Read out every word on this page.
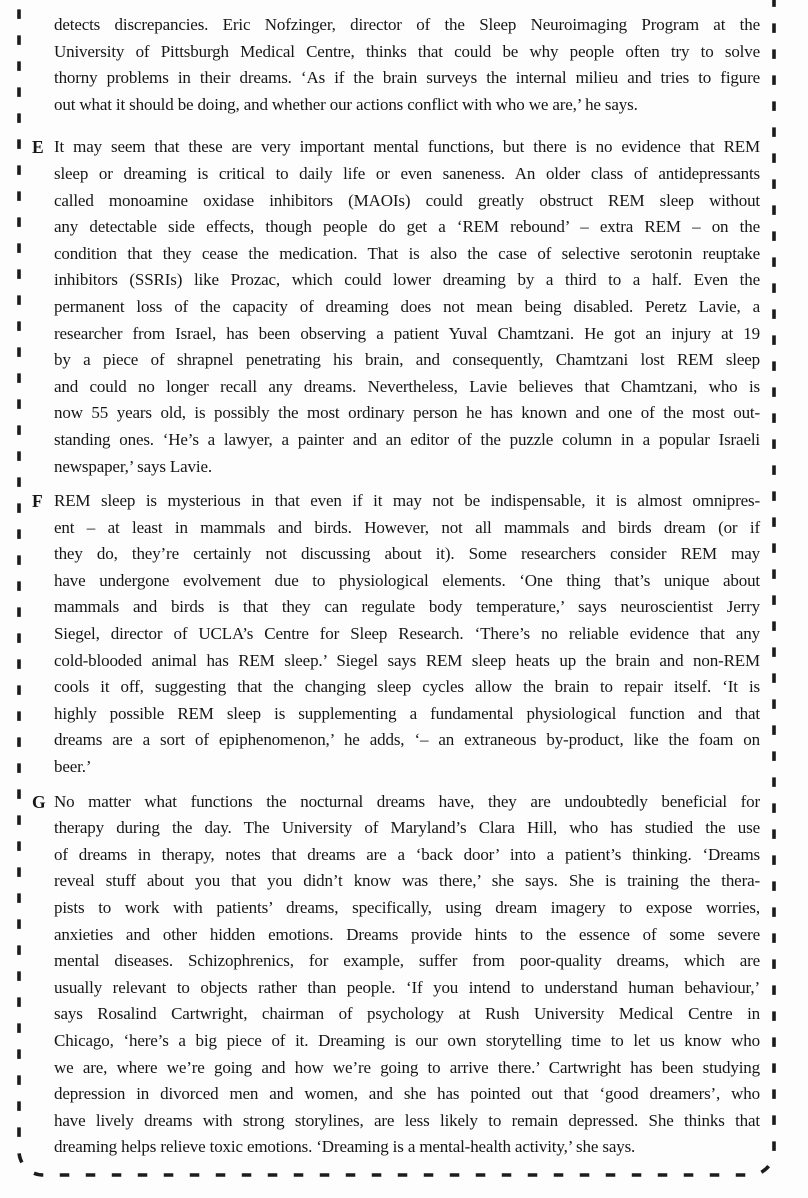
detects discrepancies. Eric Nofzinger, director of the Sleep Neuroimaging Program at the
University of Pittsburgh Medical Centre, thinks that could be why people often try to solve
thorny problems in their dreams. ‘As if the brain surveys the internal milieu and tries to figure
out what it should be doing, and whether our actions conflict with who we are,’ he says.
E It may seem that these are very important mental functions, but there is no evidence that REM
sleep or dreaming is critical to daily life or even saneness. An older class of antidepressants
called monoamine oxidase inhibitors (MAOIs) could greatly obstruct REM sleep without
any detectable side effects, though people do get a ‘REM rebound’ – extra REM – on the
condition that they cease the medication. That is also the case of selective serotonin reuptake
inhibitors (SSRIs) like Prozac, which could lower dreaming by a third to a half. Even the
permanent loss of the capacity of dreaming does not mean being disabled. Peretz Lavie, a
researcher from Israel, has been observing a patient Yuval Chamtzani. He got an injury at 19
by a piece of shrapnel penetrating his brain, and consequently, Chamtzani lost REM sleep
and could no longer recall any dreams. Nevertheless, Lavie believes that Chamtzani, who is
now 55 years old, is possibly the most ordinary person he has known and one of the most out-
standing ones. ‘He’s a lawyer, a painter and an editor of the puzzle column in a popular Israeli
newspaper,’ says Lavie.
F REM sleep is mysterious in that even if it may not be indispensable, it is almost omnipres-
ent – at least in mammals and birds. However, not all mammals and birds dream (or if
they do, they’re certainly not discussing about it). Some researchers consider REM may
have undergone evolvement due to physiological elements. ‘One thing that’s unique about
mammals and birds is that they can regulate body temperature,’ says neuroscientist Jerry
Siegel, director of UCLA’s Centre for Sleep Research. ‘There’s no reliable evidence that any
cold-blooded animal has REM sleep.’ Siegel says REM sleep heats up the brain and non-REM
cools it off, suggesting that the changing sleep cycles allow the brain to repair itself. ‘It is
highly possible REM sleep is supplementing a fundamental physiological function and that
dreams are a sort of epiphenomenon,’ he adds, ‘– an extraneous by-product, like the foam on
beer.’
G No matter what functions the nocturnal dreams have, they are undoubtedly beneficial for
therapy during the day. The University of Maryland’s Clara Hill, who has studied the use
of dreams in therapy, notes that dreams are a ‘back door’ into a patient’s thinking. ‘Dreams
reveal stuff about you that you didn’t know was there,’ she says. She is training the thera-
pists to work with patients’ dreams, specifically, using dream imagery to expose worries,
anxieties and other hidden emotions. Dreams provide hints to the essence of some severe
mental diseases. Schizophrenics, for example, suffer from poor-quality dreams, which are
usually relevant to objects rather than people. ‘If you intend to understand human behaviour,’
says Rosalind Cartwright, chairman of psychology at Rush University Medical Centre in
Chicago, ‘here’s a big piece of it. Dreaming is our own storytelling time to let us know who
we are, where we’re going and how we’re going to arrive there.’ Cartwright has been studying
depression in divorced men and women, and she has pointed out that ‘good dreamers’, who
have lively dreams with strong storylines, are less likely to remain depressed. She thinks that
dreaming helps relieve toxic emotions. ‘Dreaming is a mental-health activity,’ she says.
